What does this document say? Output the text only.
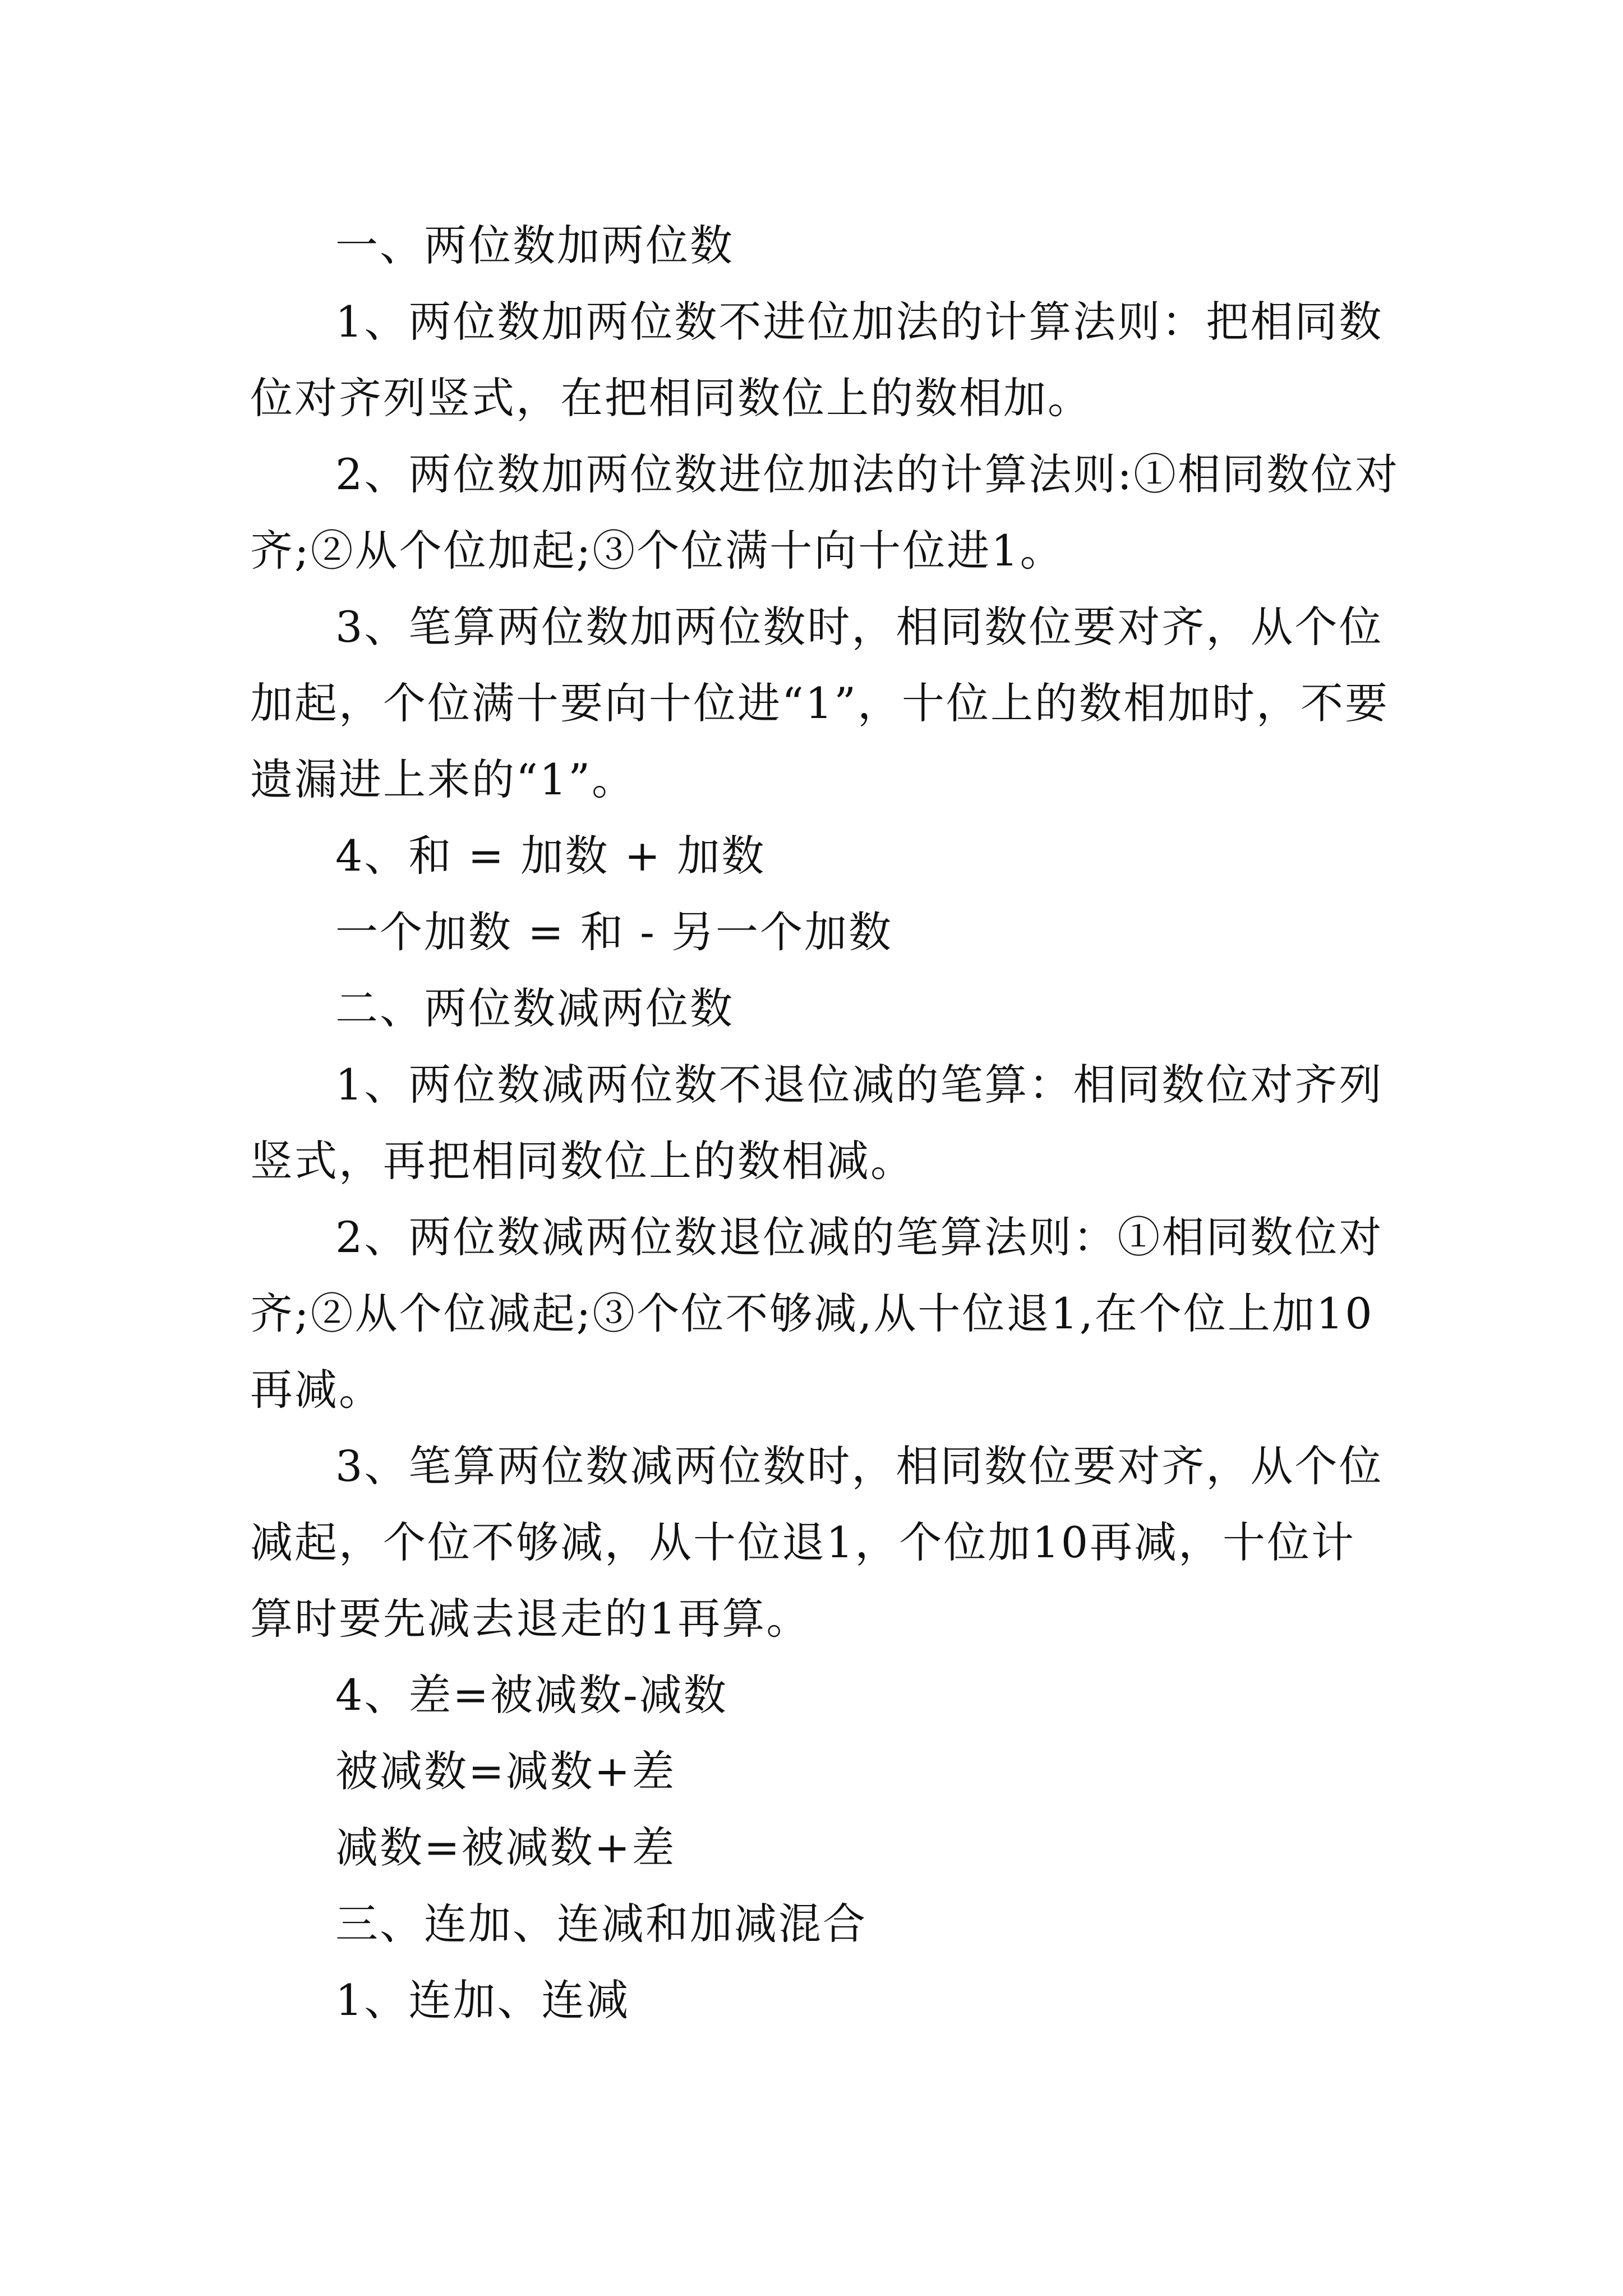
一、两位数加两位数

1、两位数加两位数不进位加法的计算法则：把相同数位对齐列竖式，在把相同数位上的数相加。

2、两位数加两位数进位加法的计算法则:①相同数位对齐;②从个位加起;③个位满十向十位进1。

3、笔算两位数加两位数时，相同数位要对齐，从个位加起，个位满十要向十位进“1”，十位上的数相加时，不要遗漏进上来的“1”。

4、和 = 加数 + 加数

一个加数 = 和 - 另一个加数

二、两位数减两位数

1、两位数减两位数不退位减的笔算：相同数位对齐列竖式，再把相同数位上的数相减。

2、两位数减两位数退位减的笔算法则：①相同数位对齐;②从个位减起;③个位不够减,从十位退1,在个位上加10再减。

3、笔算两位数减两位数时，相同数位要对齐，从个位减起，个位不够减，从十位退1，个位加10再减，十位计算时要先减去退走的1再算。

4、差=被减数-减数

被减数=减数+差

减数=被减数+差

三、连加、连减和加减混合

1、连加、连减
